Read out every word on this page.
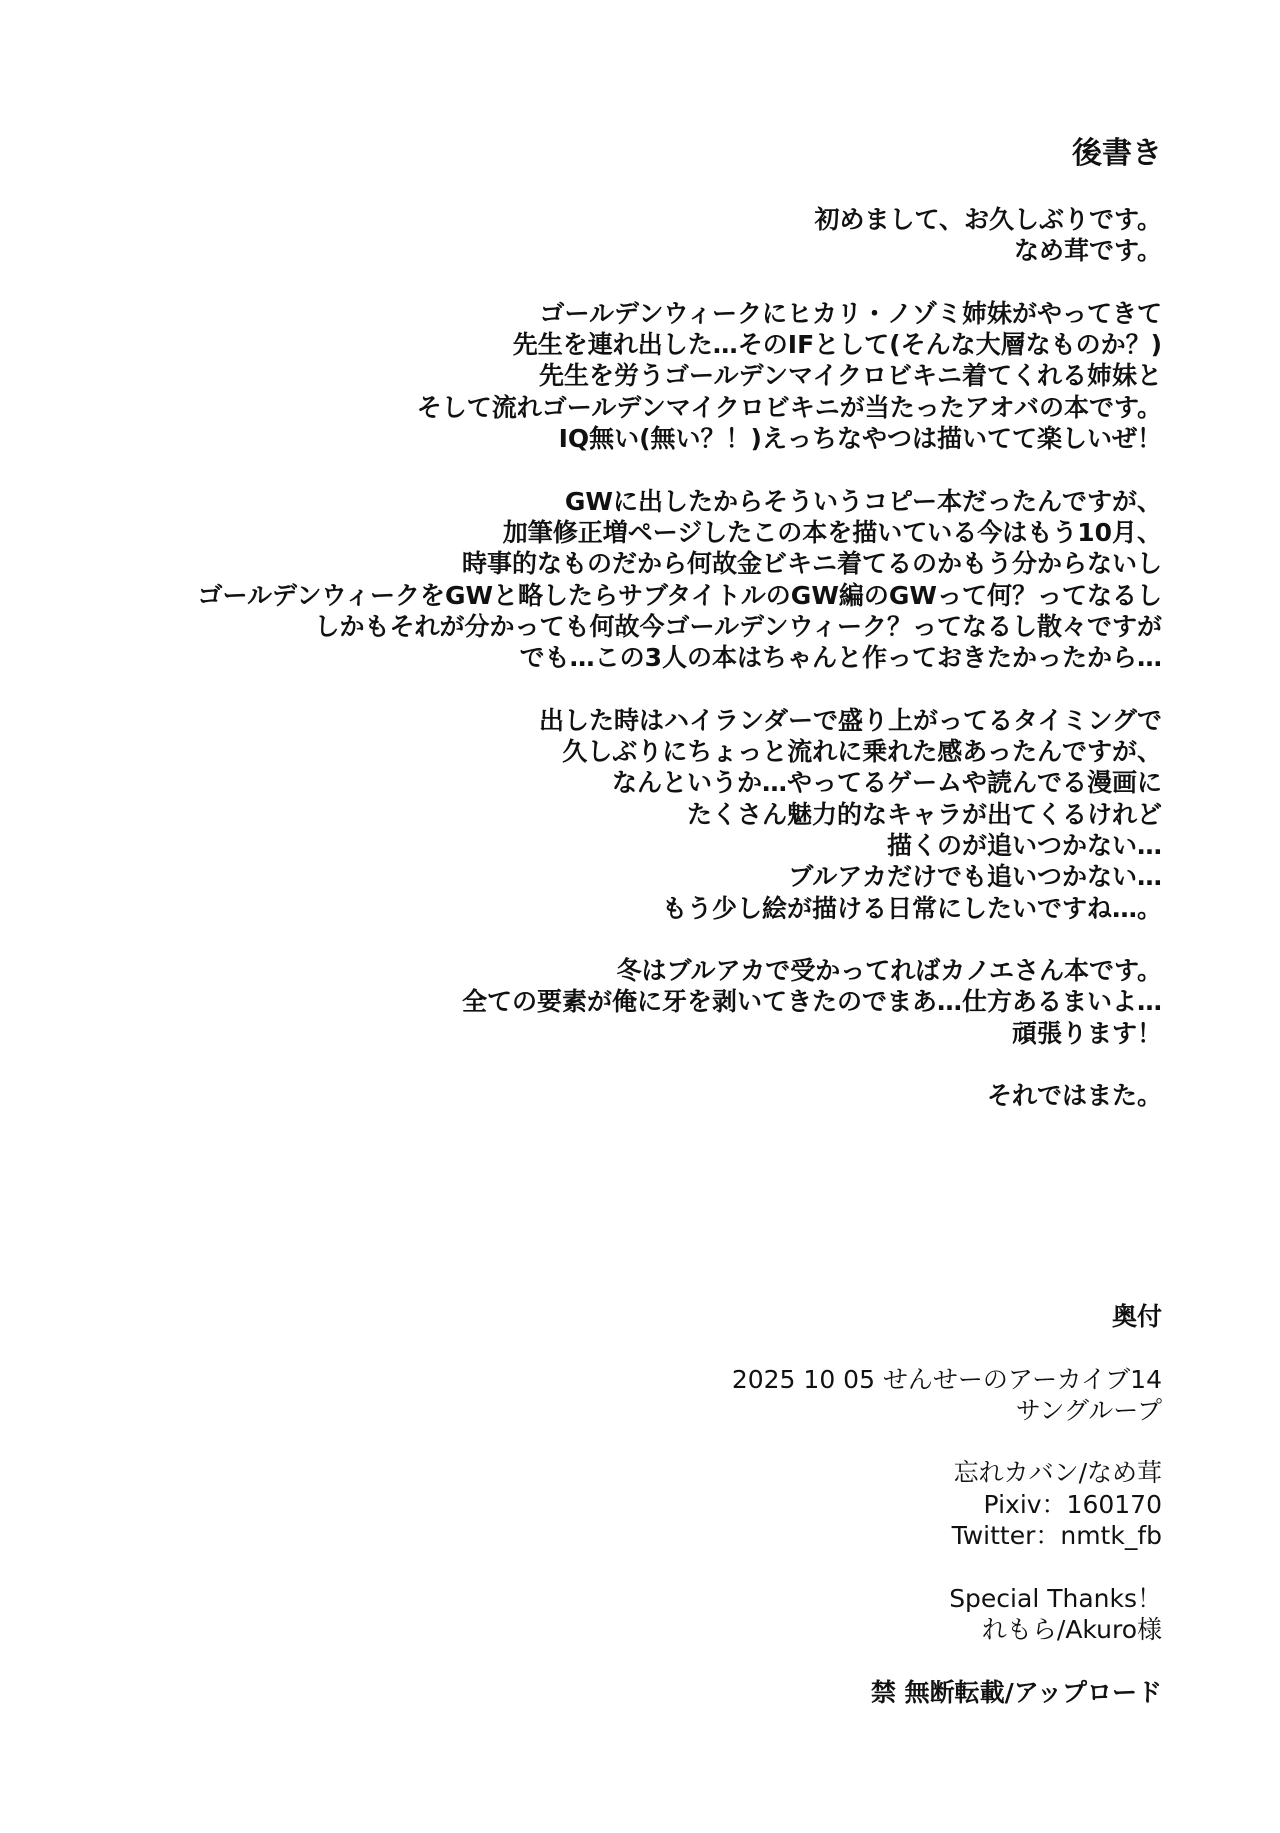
後書き
初めまして、お久しぶりです。
なめ茸です。
ゴールデンウィークにヒカリ・ノゾミ姉妹がやってきて
先生を連れ出した…そのIFとして(そんな大層なものか？)
先生を労うゴールデンマイクロビキニ着てくれる姉妹と
そして流れゴールデンマイクロビキニが当たったアオバの本です。
IQ無い(無い？！)えっちなやつは描いてて楽しいぜ！
GWに出したからそういうコピー本だったんですが、
加筆修正増ページしたこの本を描いている今はもう10月、
時事的なものだから何故金ビキニ着てるのかもう分からないし
ゴールデンウィークをGWと略したらサブタイトルのGW編のGWって何？ってなるし
しかもそれが分かっても何故今ゴールデンウィーク？ってなるし散々ですが
でも…この3人の本はちゃんと作っておきたかったから…
出した時はハイランダーで盛り上がってるタイミングで
久しぶりにちょっと流れに乗れた感あったんですが、
なんというか…やってるゲームや読んでる漫画に
たくさん魅力的なキャラが出てくるけれど
描くのが追いつかない…
ブルアカだけでも追いつかない…
もう少し絵が描ける日常にしたいですね…。
冬はブルアカで受かってればカノエさん本です。
全ての要素が俺に牙を剥いてきたのでまあ…仕方あるまいよ…
頑張ります！
それではまた。
奥付
2025 10 05 せんせーのアーカイブ14
サングループ
忘れカバン/なめ茸
Pixiv：160170
Twitter：nmtk_fb
Special Thanks！
れもら/Akuro様
禁 無断転載/アップロード
